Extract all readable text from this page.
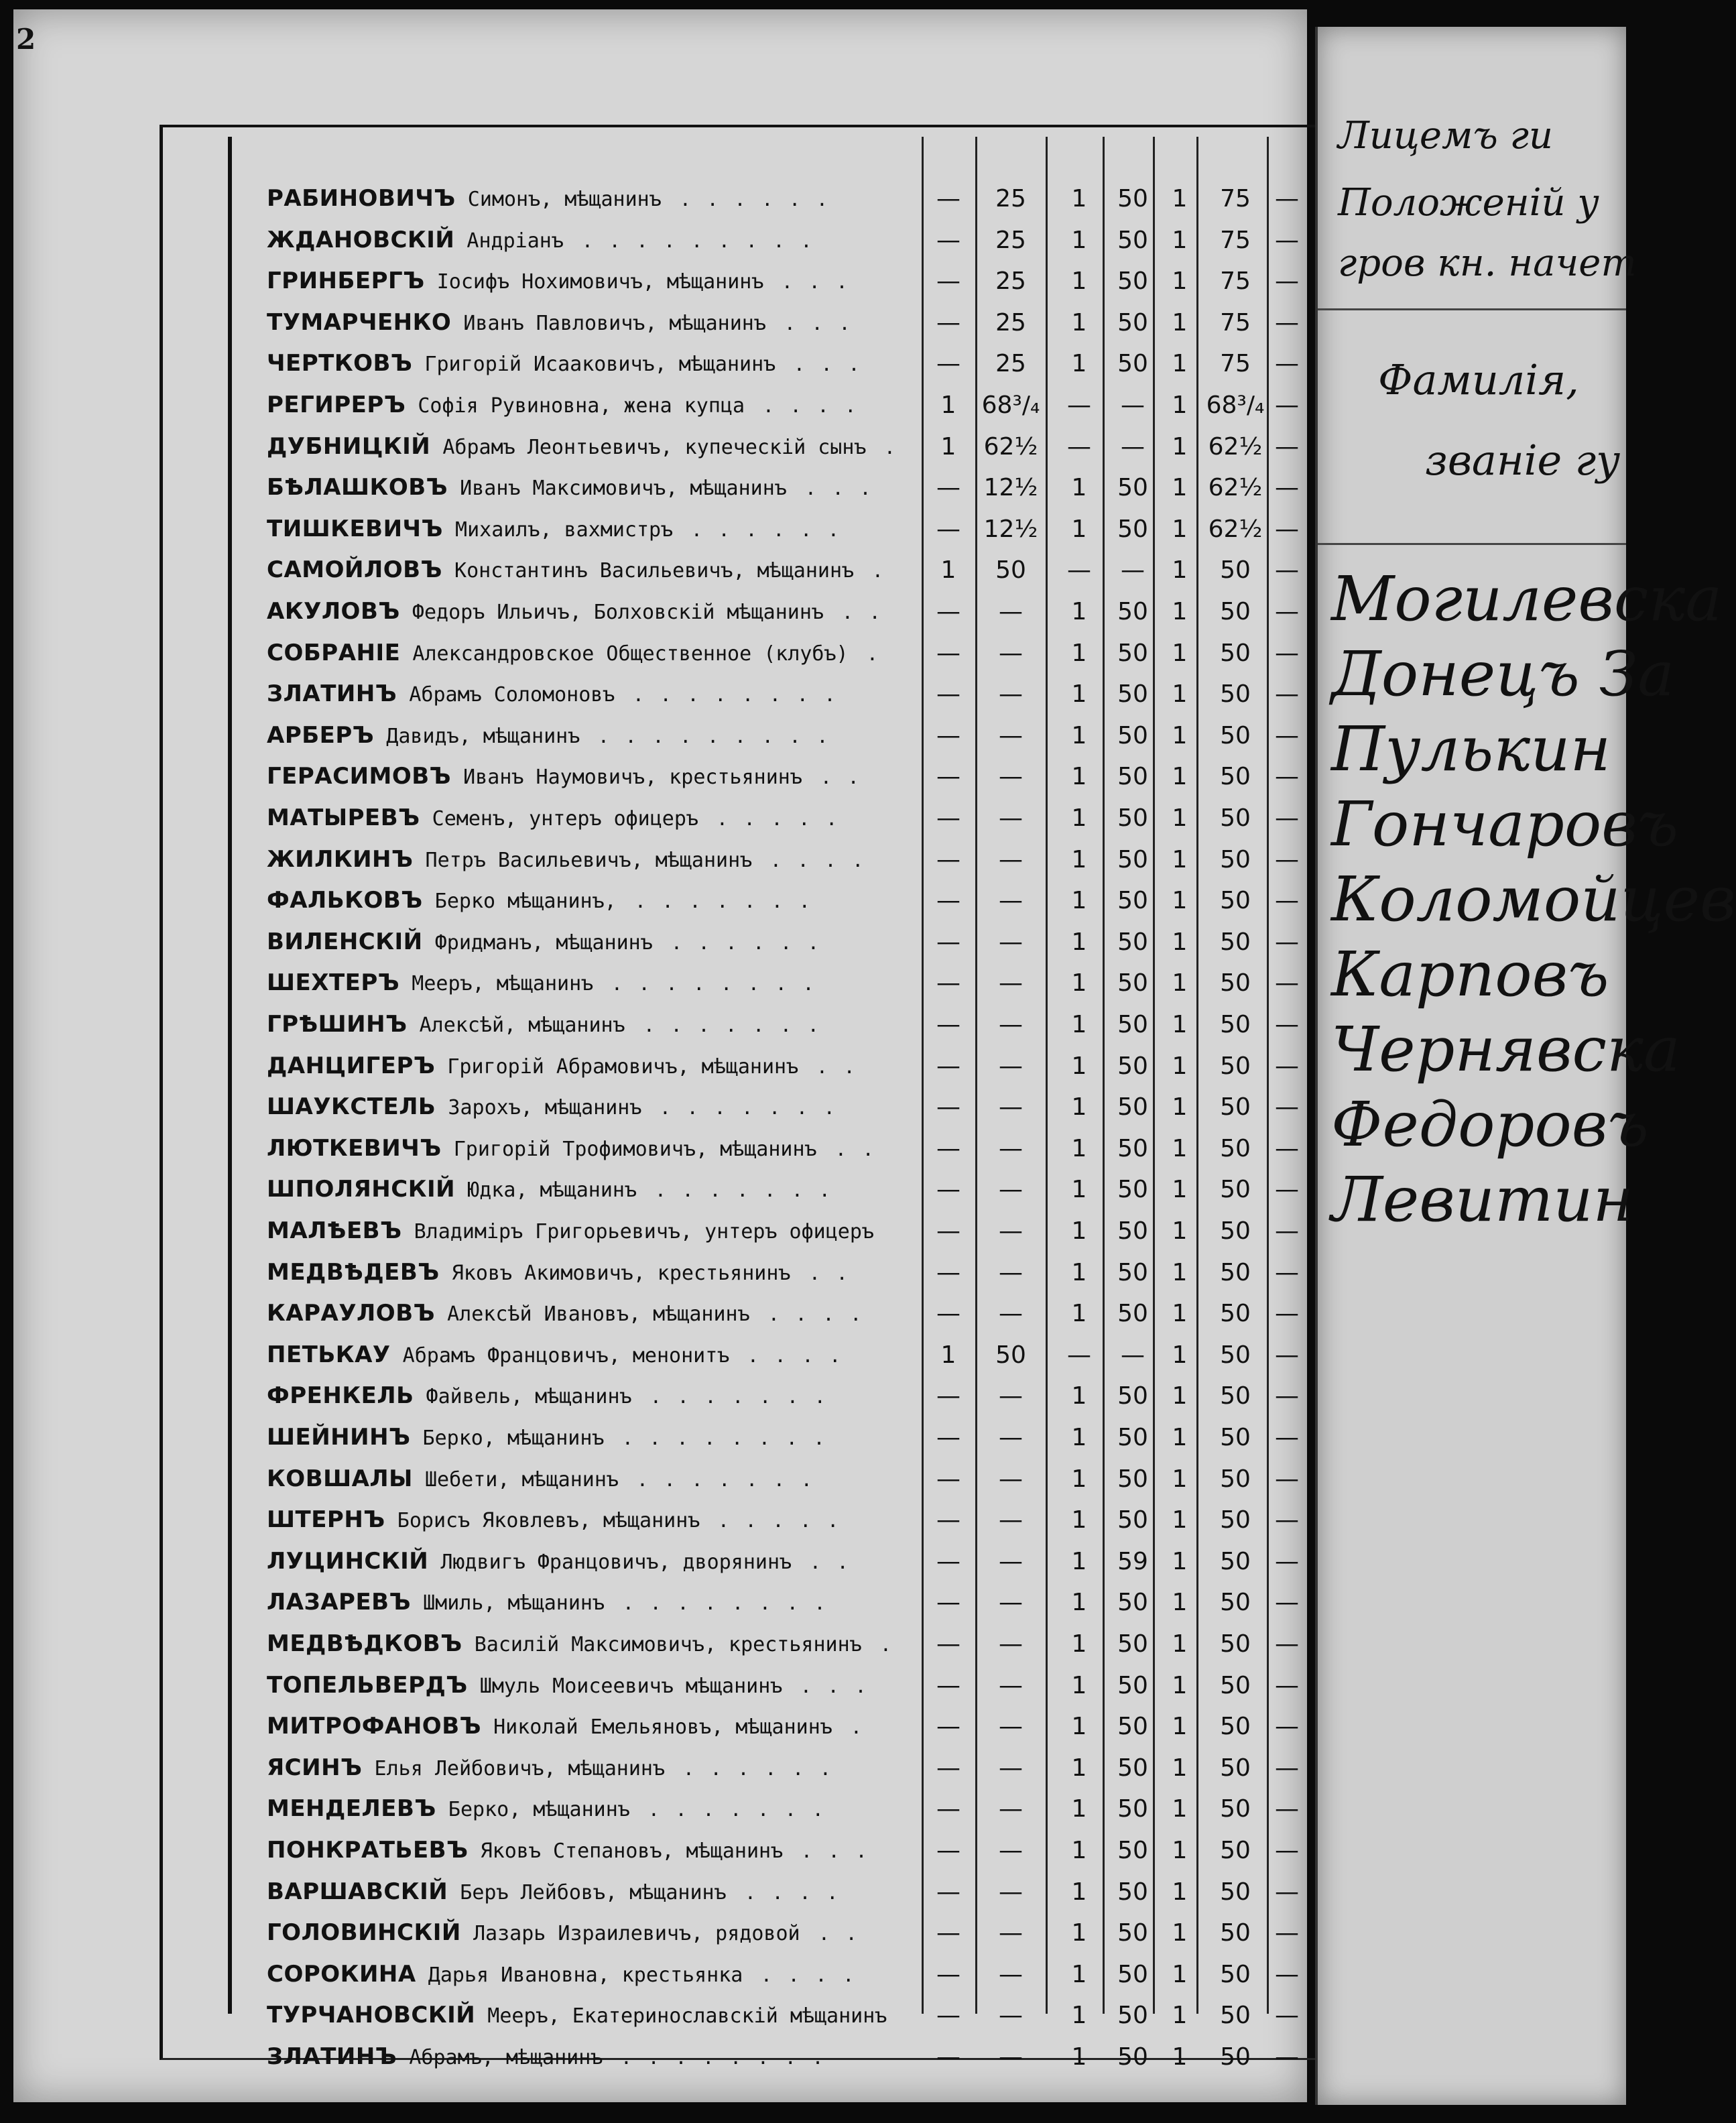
2
РАБИНОВИЧЪ Симонъ, мѣщанинъ ......	—	25	1	50 1	75	—
ЖДАНОВСКІЙ Андріанъ .........	—	25	1	50 1	75	—
ГРИНБЕРГЪ Іосифъ Нохимовичъ, мѣщанинъ ...	—	25	1	50 1	75	—
ТУМАРЧЕНКО Иванъ Павловичъ, мѣщанинъ ...	—	25	1	50 1	75	—
ЧЕРТКОВЪ Григорій Исааковичъ, мѣщанинъ ...	—	25	1	50 1	75	—
РЕГИРЕРЪ Софія Рувиновна, жена купца ....	1	68³/₄	—	—	1 68³/₄ —
ДУБНИЦКІЙ Абрамъ Леонтьевичъ, купеческій сынъ .	1	62½	—	—	1 62½ —
БѢЛАШКОВЪ Иванъ Максимовичъ, мѣщанинъ ...	— 12½	1	50 1 62½ —
ТИШКЕВИЧЪ Михаилъ, вахмистръ ......	— 12½	1	50 1 62½ —
САМОЙЛОВЪ Константинъ Васильевичъ, мѣщанинъ .	1	50	—	—	1	50	—
АКУЛОВЪ Федоръ Ильичъ, Болховскій мѣщанинъ ..	—	—	1	50 1	50	—
СОБРАНІЕ Александровское Общественное (клубъ) .	—	—	1	50 1	50	—
ЗЛАТИНЪ Абрамъ Соломоновъ ........	—	—	1	50 1	50	—
АРБЕРЪ Давидъ, мѣщанинъ .........	—	—	1	50 1	50	—
ГЕРАСИМОВЪ Иванъ Наумовичъ, крестьянинъ ..	—	—	1	50 1	50	—
МАТЫРЕВЪ Семенъ, унтеръ офицеръ .....	—	—	1	50 1	50	—
ЖИЛКИНЪ Петръ Васильевичъ, мѣщанинъ ....	—	—	1	50 1	50	—
ФАЛЬКОВЪ Берко мѣщанинъ, .......	—	—	1	50 1	50	—
ВИЛЕНСКІЙ Фридманъ, мѣщанинъ ......	—	—	1	50 1	50	—
ШЕХТЕРЪ Мееръ, мѣщанинъ ........	—	—	1	50 1	50	—
ГРѢШИНЪ Алексѣй, мѣщанинъ .......	—	—	1	50 1	50	—
ДАНЦИГЕРЪ Григорій Абрамовичъ, мѣщанинъ ..	—	—	1	50 1	50	—
ШАУКСТЕЛЬ Зарохъ, мѣщанинъ .......	—	—	1	50 1	50	—
ЛЮТКЕВИЧЪ Григорій Трофимовичъ, мѣщанинъ ..	—	—	1	50 1	50	—
ШПОЛЯНСКІЙ Юдка, мѣщанинъ .......	—	—	1	50 1	50	—
МАЛѢЕВЪ Владиміръ Григорьевичъ, унтеръ офицеръ	—	—	1	50 1	50	—
МЕДВѢДЕВЪ Яковъ Акимовичъ, крестьянинъ ..	—	—	1	50 1	50	—
КАРАУЛОВЪ Алексѣй Ивановъ, мѣщанинъ ....	—	—	1	50 1	50	—
ПЕТЬКАУ Абрамъ Францовичъ, менонитъ ....	1	50	—	—	1	50	—
ФРЕНКЕЛЬ Файвель, мѣщанинъ .......	—	—	1	50 1	50	—
ШЕЙНИНЪ Берко, мѣщанинъ ........	—	—	1	50 1	50	—
КОВШАЛЫ Шебети, мѣщанинъ .......	—	—	1	50 1	50	—
ШТЕРНЪ Борисъ Яковлевъ, мѣщанинъ .....	—	—	1	50 1	50	—
ЛУЦИНСКІЙ Людвигъ Францовичъ, дворянинъ ..	—	—	1	59 1	50	—
ЛАЗАРЕВЪ Шмиль, мѣщанинъ ........	—	—	1	50 1	50	—
МЕДВѢДКОВЪ Василій Максимовичъ, крестьянинъ .	—	—	1	50 1	50	—
ТОПЕЛЬВЕРДЪ Шмуль Моисеевичъ мѣщанинъ ...	—	—	1	50 1	50	—
МИТРОФАНОВЪ Николай Емельяновъ, мѣщанинъ .	—	—	1	50 1	50	—
ЯСИНЪ Елья Лейбовичъ, мѣщанинъ ......	—	—	1	50 1	50	—
МЕНДЕЛЕВЪ Берко, мѣщанинъ .......	—	—	1	50 1	50	—
ПОНКРАТЬЕВЪ Яковъ Степановъ, мѣщанинъ ...	—	—	1	50 1	50	—
ВАРШАВСКІЙ Беръ Лейбовъ, мѣщанинъ ....	—	—	1	50 1	50	—
ГОЛОВИНСКІЙ Лазарь Израилевичъ, рядовой ..	—	—	1	50 1	50	—
СОРОКИНА Дарья Ивановна, крестьянка ....	—	—	1	50 1	50	—
ТУРЧАНОВСКІЙ Мееръ, Екатеринославскій мѣщанинъ	—	—	1	50 1	50	—
ЗЛАТИНЪ Абрамъ, мѣщанинъ ........	—	—	1	50 1	50	—
Лицемъ ги
Положеній у
гров кн. начет
Фамилія,
званіе гу
Могилевска
Донецъ За
Пулькин
Гончаровъ
Коломойцев
Карповъ
Чернявска
Федоровъ
Левитин
